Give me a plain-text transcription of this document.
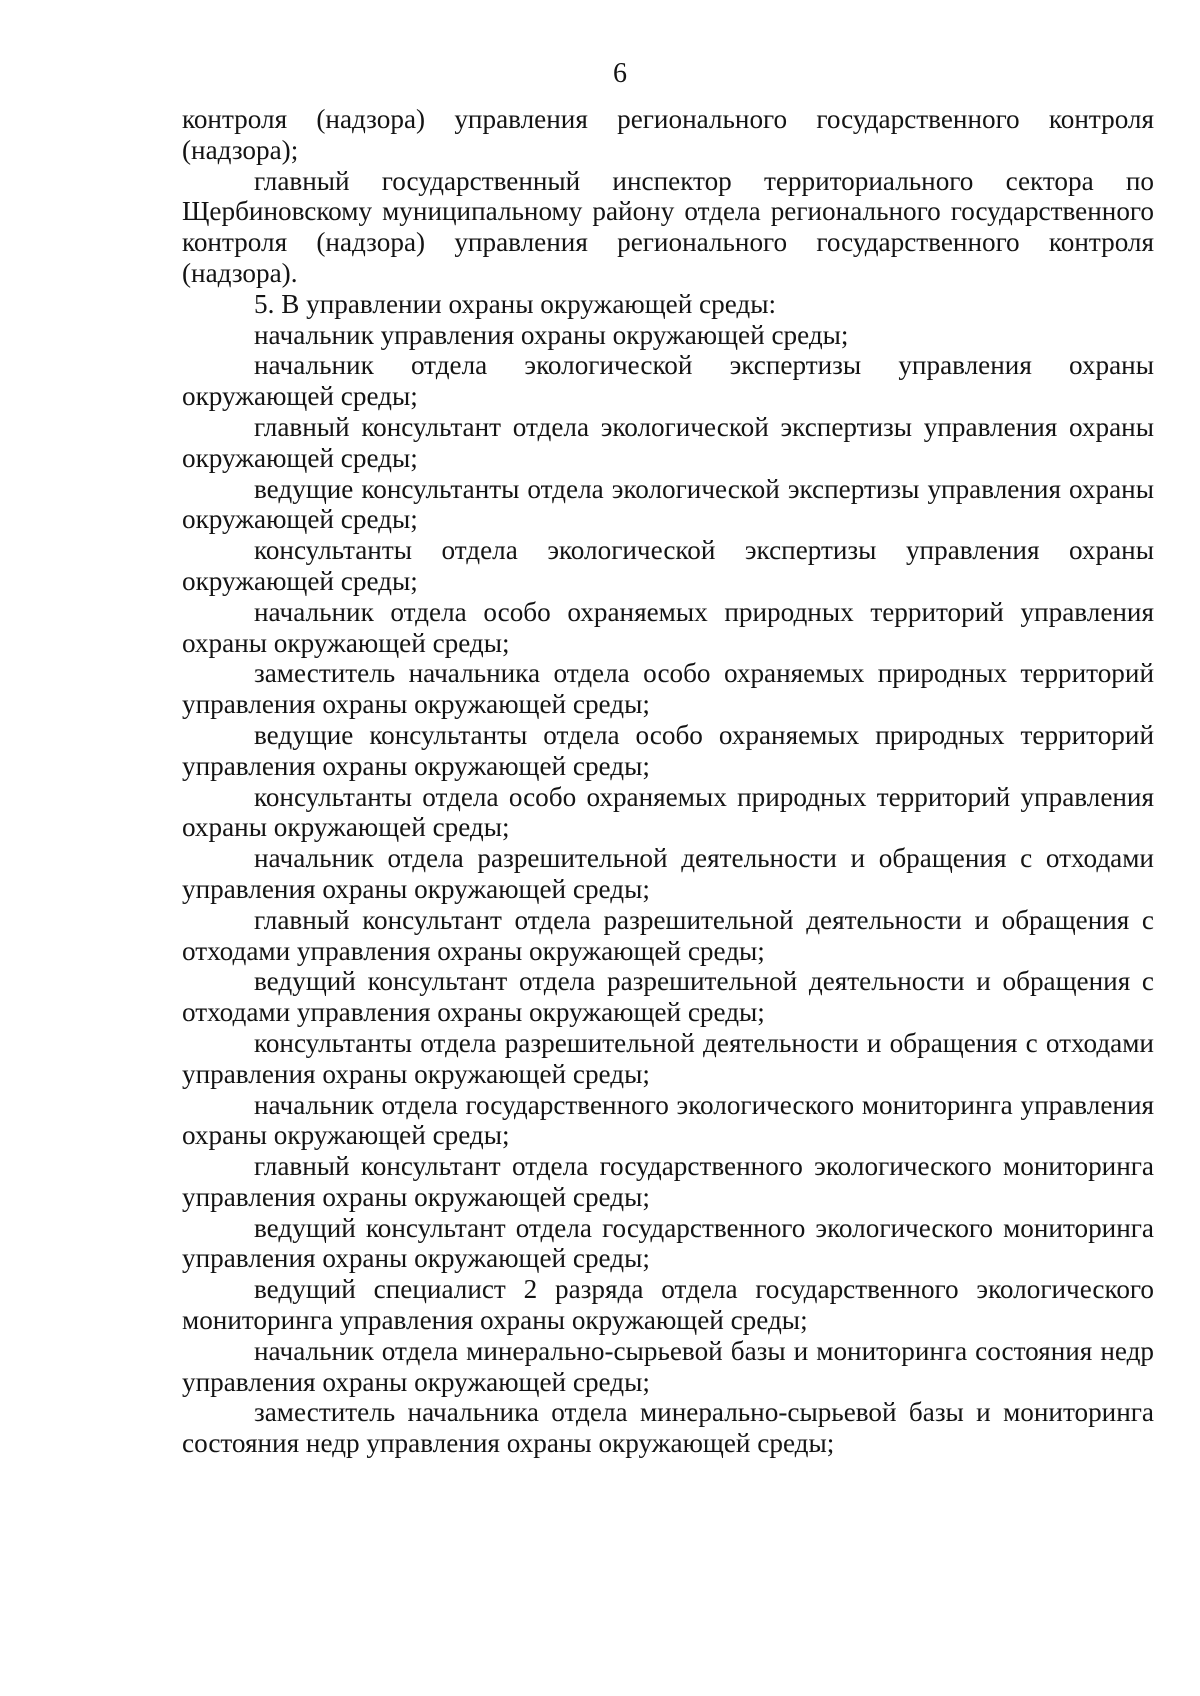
6

контроля (надзора) управления регионального государственного контроля (надзора);

главный государственный инспектор территориального сектора по Щербиновскому муниципальному району отдела регионального государственного контроля (надзора) управления регионального государственного контроля (надзора).

5. В управлении охраны окружающей среды:

начальник управления охраны окружающей среды;

начальник отдела экологической экспертизы управления охраны окружающей среды;

главный консультант отдела экологической экспертизы управления охраны окружающей среды;

ведущие консультанты отдела экологической экспертизы управления охраны окружающей среды;

консультанты отдела экологической экспертизы управления охраны окружающей среды;

начальник отдела особо охраняемых природных территорий управления охраны окружающей среды;

заместитель начальника отдела особо охраняемых природных территорий управления охраны окружающей среды;

ведущие консультанты отдела особо охраняемых природных территорий управления охраны окружающей среды;

консультанты отдела особо охраняемых природных территорий управления охраны окружающей среды;

начальник отдела разрешительной деятельности и обращения с отходами управления охраны окружающей среды;

главный консультант отдела разрешительной деятельности и обращения с отходами управления охраны окружающей среды;

ведущий консультант отдела разрешительной деятельности и обращения с отходами управления охраны окружающей среды;

консультанты отдела разрешительной деятельности и обращения с отходами управления охраны окружающей среды;

начальник отдела государственного экологического мониторинга управления охраны окружающей среды;

главный консультант отдела государственного экологического мониторинга управления охраны окружающей среды;

ведущий консультант отдела государственного экологического мониторинга управления охраны окружающей среды;

ведущий специалист 2 разряда отдела государственного экологического мониторинга управления охраны окружающей среды;

начальник отдела минерально-сырьевой базы и мониторинга состояния недр управления охраны окружающей среды;

заместитель начальника отдела минерально-сырьевой базы и мониторинга состояния недр управления охраны окружающей среды;
